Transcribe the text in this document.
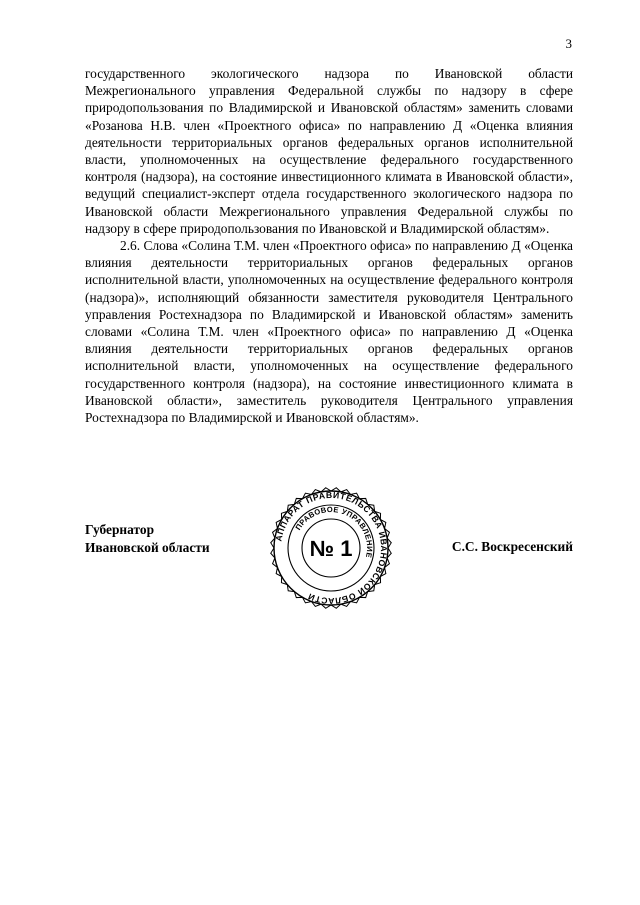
3

государственного экологического надзора по Ивановской области Межрегионального управления Федеральной службы по надзору в сфере природопользования по Владимирской и Ивановской областям» заменить словами «Розанова Н.В. член «Проектного офиса» по направлению Д «Оценка влияния деятельности территориальных органов федеральных органов исполнительной власти, уполномоченных на осуществление федерального государственного контроля (надзора), на состояние инвестиционного климата в Ивановской области», ведущий специалист-эксперт отдела государственного экологического надзора по Ивановской области Межрегионального управления Федеральной службы по надзору в сфере природопользования по Ивановской и Владимирской областям».

2.6. Слова «Солина Т.М. член «Проектного офиса» по направлению Д «Оценка влияния деятельности территориальных органов федеральных органов исполнительной власти, уполномоченных на осуществление федерального контроля (надзора)», исполняющий обязанности заместителя руководителя Центрального управления Ростехнадзора по Владимирской и Ивановской областям» заменить словами «Солина Т.М. член «Проектного офиса» по направлению Д «Оценка влияния деятельности территориальных органов федеральных органов исполнительной власти, уполномоченных на осуществление федерального государственного контроля (надзора), на состояние инвестиционного климата в Ивановской области», заместитель руководителя Центрального управления Ростехнадзора по Владимирской и Ивановской областям».

Губернатор
Ивановской области
АППАРАТ ПРАВИТЕЛЬСТВА ИВАНОВСКОЙ ОБЛАСТИ
ПРАВОВОЕ УПРАВЛЕНИЕ
№ 1	С.С. Воскресенский
